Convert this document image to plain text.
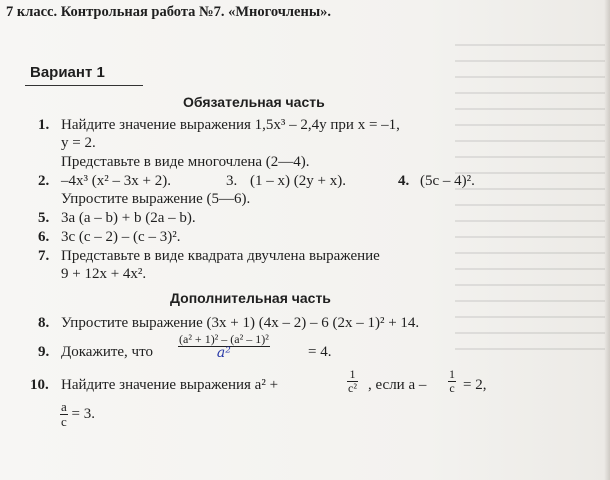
7 класс. Контрольная работа №7. «Многочлены».
Вариант 1
Обязательная часть
1. Найдите значение выражения 1,5x³ – 2,4y при x = –1,
y = 2.
Представьте в виде многочлена (2—4).
2. –4x³ (x² – 3x + 2).	3. (1 – x) (2y + x).	4. (5c – 4)².
Упростите выражение (5—6).
5. 3a (a – b) + b (2a – b).
6. 3c (c – 2) – (c – 3)².
7. Представьте в виде квадрата двучлена выражение
9 + 12x + 4x².
Дополнительная часть
8. Упростите выражение (3x + 1) (4x – 2) – 6 (2x – 1)² + 14.
9. Докажите, что $\frac{\text{(a² + 1)² – (a² – 1)²}}{\text{a²}}$	= 4.
10. Найдите значение выражения a² +	$\frac{1}{\text{c²}}$ , если $a - \frac{1}{c} = 2$,
$\frac{a}{c} = 3$.
